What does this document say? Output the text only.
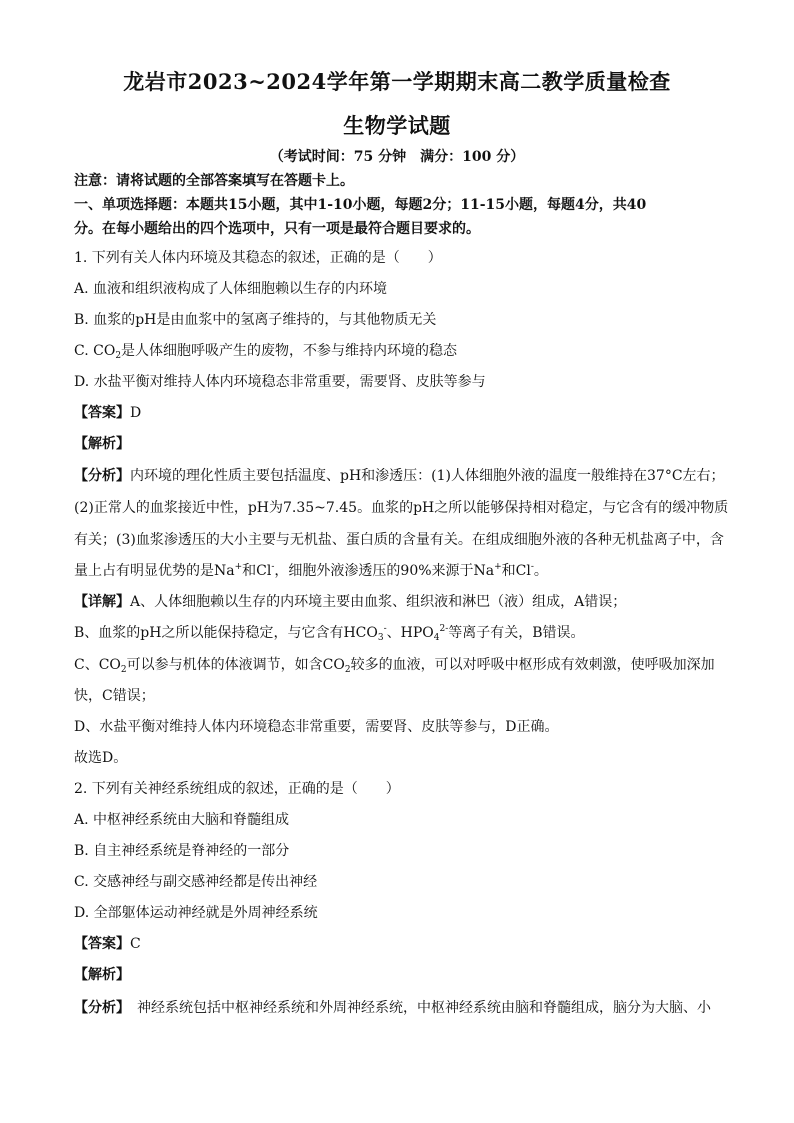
龙岩市2023~2024学年第一学期期末高二教学质量检查
生物学试题
（考试时间：75 分钟　满分：100 分）
注意：请将试题的全部答案填写在答题卡上。
一、单项选择题：本题共15小题，其中1-10小题，每题2分；11-15小题，每题4分，共40
分。在每小题给出的四个选项中，只有一项是最符合题目要求的。
1. 下列有关人体内环境及其稳态的叙述，正确的是（　　）
A. 血液和组织液构成了人体细胞赖以生存的内环境
B. 血浆的pH是由血浆中的氢离子维持的，与其他物质无关
C. $CO_2$是人体细胞呼吸产生的废物，不参与维持内环境的稳态
D. 水盐平衡对维持人体内环境稳态非常重要，需要肾、皮肤等参与
【答案】D
【解析】
【分析】内环境的理化性质主要包括温度、pH和渗透压：(1)人体细胞外液的温度一般维持在37°C左右；
(2)正常人的血浆接近中性，pH为7.35~7.45。血浆的pH之所以能够保持相对稳定，与它含有的缓冲物质
有关；(3)血浆渗透压的大小主要与无机盐、蛋白质的含量有关。在组成细胞外液的各种无机盐离子中，含
量上占有明显优势的是Na+和Cl-，细胞外液渗透压的90%来源于Na+和Cl-。
【详解】A、人体细胞赖以生存的内环境主要由血浆、组织液和淋巴（液）组成，A错误；
B、血浆的pH之所以能保持稳定，与它含有$HCO_3^-$、$HPO_4^{2-}$等离子有关，B错误。
C、$CO_2$可以参与机体的体液调节，如含$CO_2$较多的血液，可以对呼吸中枢形成有效刺激，使呼吸加深加
快，C错误；
D、水盐平衡对维持人体内环境稳态非常重要，需要肾、皮肤等参与，D正确。
故选D。
2. 下列有关神经系统组成的叙述，正确的是（　　）
A. 中枢神经系统由大脑和脊髓组成
B. 自主神经系统是脊神经的一部分
C. 交感神经与副交感神经都是传出神经
D. 全部躯体运动神经就是外周神经系统
【答案】C
【解析】
【分析】　神经系统包括中枢神经系统和外周神经系统，中枢神经系统由脑和脊髓组成，脑分为大脑、小
